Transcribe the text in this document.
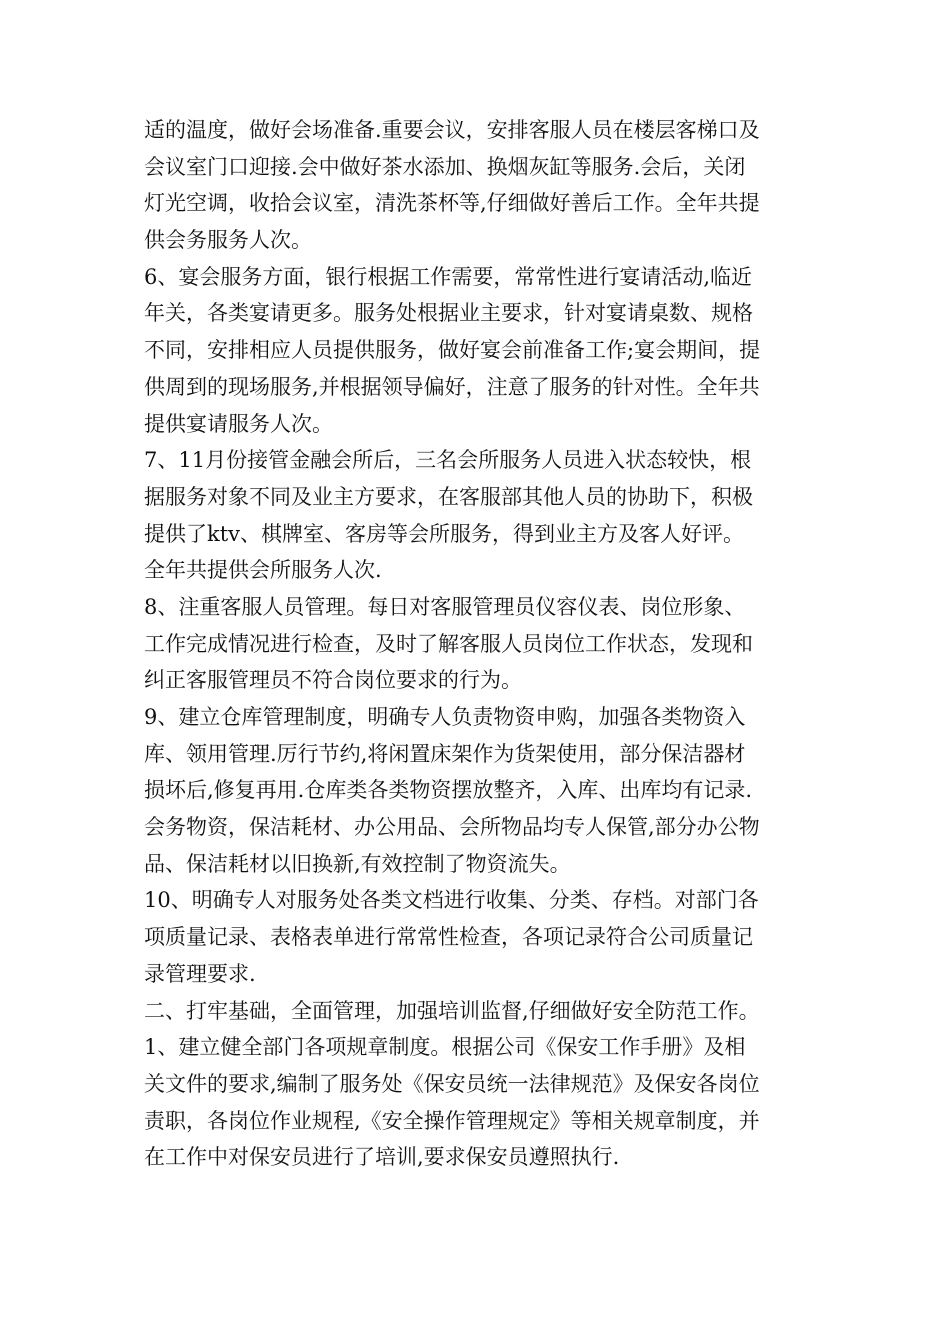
适的温度，做好会场准备.重要会议，安排客服人员在楼层客梯口及
会议室门口迎接.会中做好茶水添加、换烟灰缸等服务.会后，关闭
灯光空调，收拾会议室，清洗茶杯等,仔细做好善后工作。全年共提
供会务服务人次。
6、宴会服务方面，银行根据工作需要，常常性进行宴请活动,临近
年关，各类宴请更多。服务处根据业主要求，针对宴请桌数、规格
不同，安排相应人员提供服务，做好宴会前准备工作;宴会期间，提
供周到的现场服务,并根据领导偏好，注意了服务的针对性。全年共
提供宴请服务人次。
7、11月份接管金融会所后，三名会所服务人员进入状态较快，根
据服务对象不同及业主方要求，在客服部其他人员的协助下，积极
提供了ktv、棋牌室、客房等会所服务，得到业主方及客人好评。
全年共提供会所服务人次.
8、注重客服人员管理。每日对客服管理员仪容仪表、岗位形象、
工作完成情况进行检查，及时了解客服人员岗位工作状态，发现和
纠正客服管理员不符合岗位要求的行为。
9、建立仓库管理制度，明确专人负责物资申购，加强各类物资入
库、领用管理.厉行节约,将闲置床架作为货架使用，部分保洁器材
损坏后,修复再用.仓库类各类物资摆放整齐，入库、出库均有记录.
会务物资，保洁耗材、办公用品、会所物品均专人保管,部分办公物
品、保洁耗材以旧换新,有效控制了物资流失。
10、明确专人对服务处各类文档进行收集、分类、存档。对部门各
项质量记录、表格表单进行常常性检查，各项记录符合公司质量记
录管理要求.
二、打牢基础，全面管理，加强培训监督,仔细做好安全防范工作。
1、建立健全部门各项规章制度。根据公司《保安工作手册》及相
关文件的要求,编制了服务处《保安员统一法律规范》及保安各岗位
责职，各岗位作业规程,《安全操作管理规定》等相关规章制度，并
在工作中对保安员进行了培训,要求保安员遵照执行.
